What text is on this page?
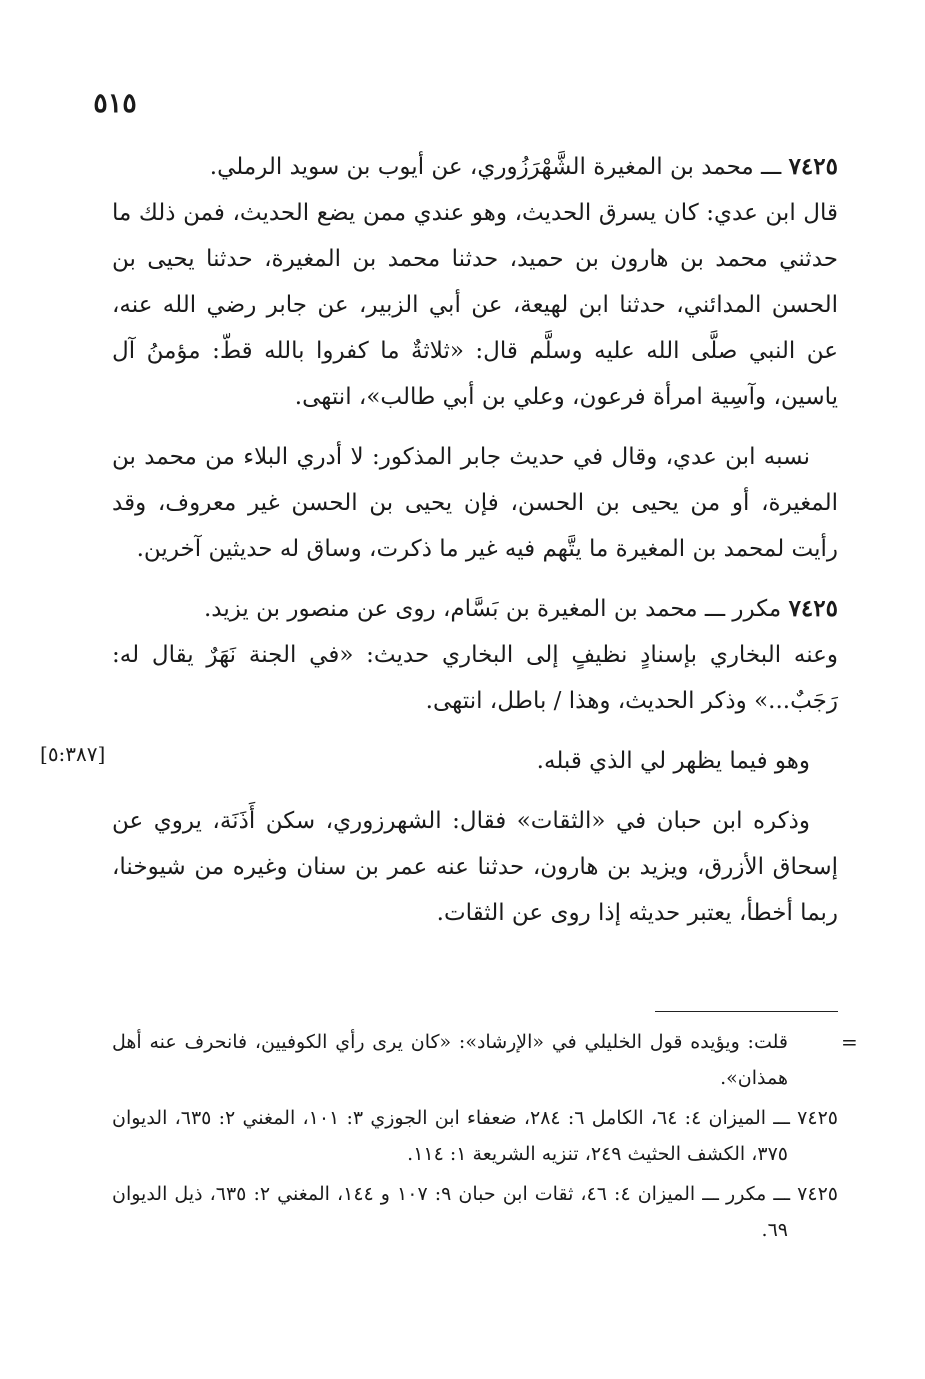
٥١٥

٧٤٢٥ ـــ محمد بن المغيرة الشَّهْرَزُوري، عن أيوب بن سويد الرملي.

قال ابن عدي: كان يسرق الحديث، وهو عندي ممن يضع الحديث، فمن ذلك ما حدثني محمد بن هارون بن حميد، حدثنا محمد بن المغيرة، حدثنا يحيى بن الحسن المدائني، حدثنا ابن لهيعة، عن أبي الزبير، عن جابر رضي الله عنه، عن النبي صلَّى الله عليه وسلَّم قال: «ثلاثةٌ ما كفروا بالله قطّ: مؤمنُ آل ياسين، وآسِية امرأة فرعون، وعلي بن أبي طالب»، انتهى.

نسبه ابن عدي، وقال في حديث جابر المذكور: لا أدري البلاء من محمد بن المغيرة، أو من يحيى بن الحسن، فإن يحيى بن الحسن غير معروف، وقد رأيت لمحمد بن المغيرة ما يتَّهم فيه غير ما ذكرت، وساق له حديثين آخرين.

٧٤٢٥ مكرر ـــ محمد بن المغيرة بن بَسَّام، روى عن منصور بن يزيد.

وعنه البخاري بإسنادٍ نظيفٍ إلى البخاري حديث: «في الجنة نَهَرٌ يقال له: رَجَبٌ...» وذكر الحديث، وهذا / باطل، انتهى.

وهو فيما يظهر لي الذي قبله.

وذكره ابن حبان في «الثقات» فقال: الشهرزوري، سكن أَذَنَة، يروي عن إسحاق الأزرق، ويزيد بن هارون، حدثنا عنه عمر بن سنان وغيره من شيوخنا، ربما أخطأ، يعتبر حديثه إذا روى عن الثقات.

[٥:٣٨٧]
=

قلت: ويؤيده قول الخليلي في «الإرشاد»: «كان يرى رأي الكوفيين، فانحرف عنه أهل همذان».

٧٤٢٥ ـــ الميزان ٤: ٦٤، الكامل ٦: ٢٨٤، ضعفاء ابن الجوزي ٣: ١٠١، المغني ٢: ٦٣٥، الديوان ٣٧٥، الكشف الحثيث ٢٤٩، تنزيه الشريعة ١: ١١٤.

٧٤٢٥ ـــ مكرر ـــ الميزان ٤: ٤٦، ثقات ابن حبان ٩: ١٠٧ و ١٤٤، المغني ٢: ٦٣٥، ذيل الديوان ٦٩.
